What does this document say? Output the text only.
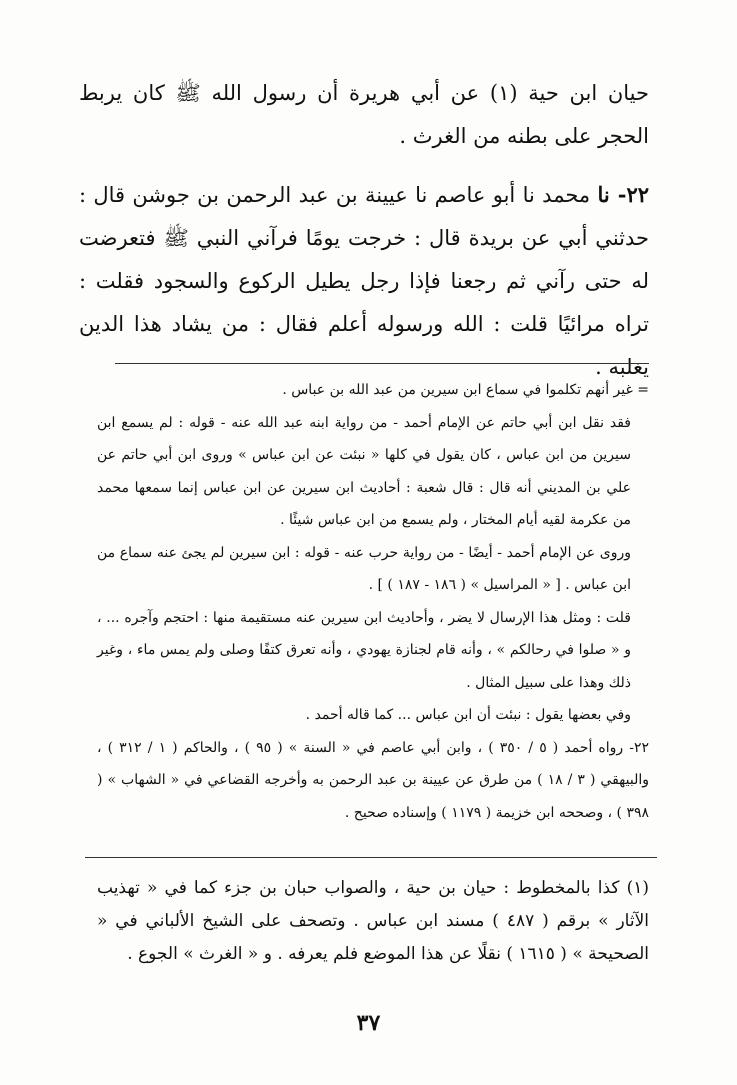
حيان ابن حية (١) عن أبي هريرة أن رسول الله ﷺ كان يربط الحجر على بطنه من الغرث .

٢٢- نا محمد نا أبو عاصم نا عيينة بن عبد الرحمن بن جوشن قال : حدثني أبي عن بريدة قال : خرجت يومًا فرآني النبي ﷺ فتعرضت له حتى رآني ثم رجعنا فإذا رجل يطيل الركوع والسجود فقلت : تراه مرائيًا قلت : الله ورسوله أعلم فقال : من يشاد هذا الدين يغلبه .

= غير أنهم تكلموا في سماع ابن سيرين من عبد الله بن عباس .

فقد نقل ابن أبي حاتم عن الإمام أحمد - من رواية ابنه عبد الله عنه - قوله : لم يسمع ابن سيرين من ابن عباس ، كان يقول في كلها « نبئت عن ابن عباس » وروى ابن أبي حاتم عن علي بن المديني أنه قال : قال شعبة : أحاديث ابن سيرين عن ابن عباس إنما سمعها محمد من عكرمة لقيه أيام المختار ، ولم يسمع من ابن عباس شيئًا .

وروى عن الإمام أحمد - أيضًا - من رواية حرب عنه - قوله : ابن سيرين لم يجئ عنه سماع من ابن عباس . [ « المراسيل » ( ١٨٦ - ١٨٧ ) ] .

قلت : ومثل هذا الإرسال لا يضر ، وأحاديث ابن سيرين عنه مستقيمة منها : احتجم وآجره ... ، و « صلوا في رحالكم » ، وأنه قام لجنازة يهودي ، وأنه تعرق كتفًا وصلى ولم يمس ماء ، وغير ذلك وهذا على سبيل المثال .

وفي بعضها يقول : نبئت أن ابن عباس ... كما قاله أحمد .

٢٢- رواه أحمد ( ٥ / ٣٥٠ ) ، وابن أبي عاصم في « السنة » ( ٩٥ ) ، والحاكم ( ١ / ٣١٢ ) ، والبيهقي ( ٣ / ١٨ ) من طرق عن عيينة بن عبد الرحمن به وأخرجه القضاعي في « الشهاب » ( ٣٩٨ ) ، وصححه ابن خزيمة ( ١١٧٩ ) وإسناده صحيح .

(١) كذا بالمخطوط : حيان بن حية ، والصواب حبان بن جزء كما في « تهذيب الآثار » برقم ( ٤٨٧ ) مسند ابن عباس . وتصحف على الشيخ الألباني في « الصحيحة » ( ١٦١٥ ) نقلًا عن هذا الموضع فلم يعرفه . و « الغرث » الجوع .

٣٧
